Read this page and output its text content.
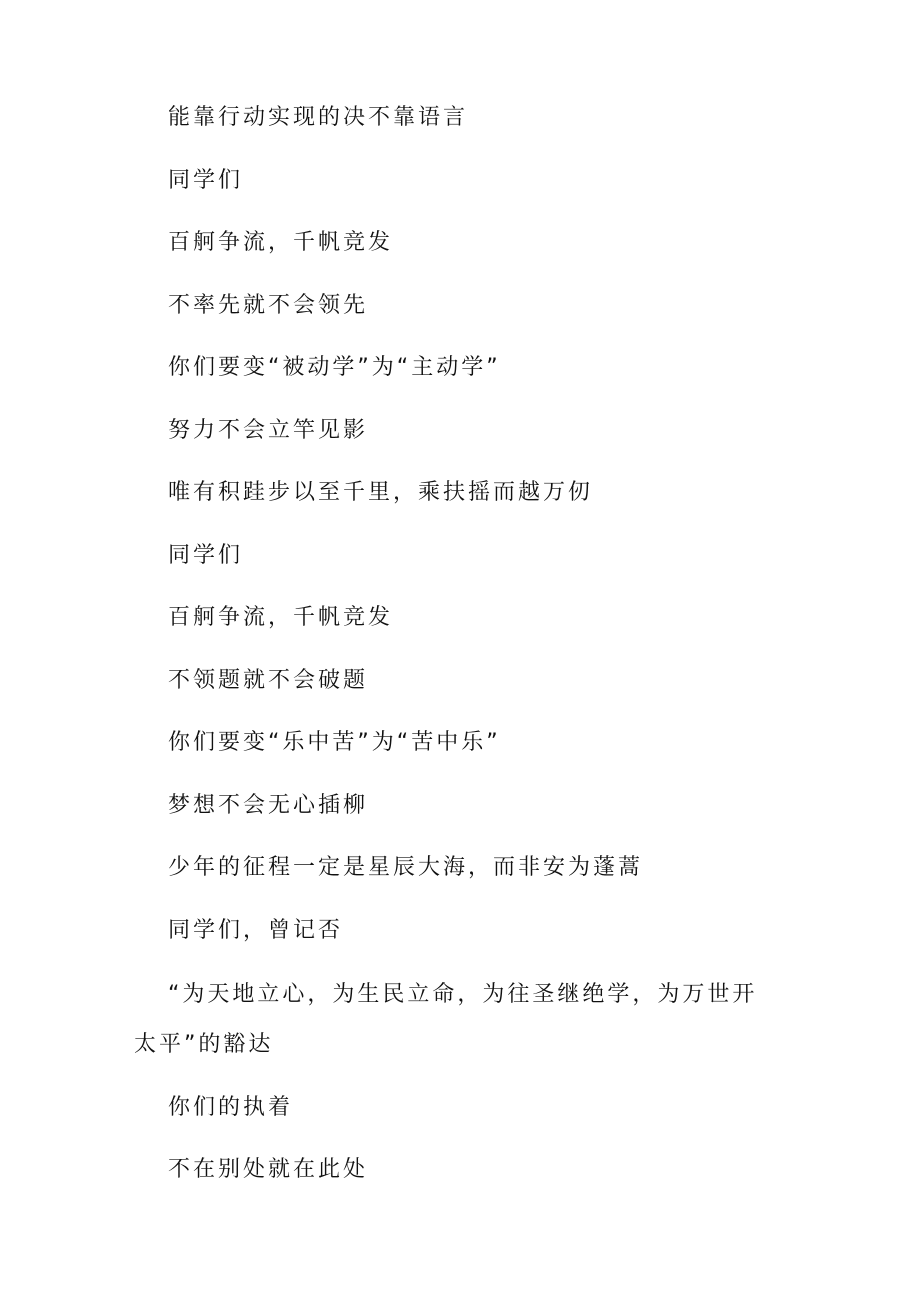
能靠行动实现的决不靠语言

同学们

百舸争流，千帆竞发

不率先就不会领先

你们要变“被动学”为“主动学”

努力不会立竿见影

唯有积跬步以至千里，乘扶摇而越万仞

同学们

百舸争流，千帆竞发

不领题就不会破题

你们要变“乐中苦”为“苦中乐”

梦想不会无心插柳

少年的征程一定是星辰大海，而非安为蓬蒿

同学们，曾记否

“为天地立心，为生民立命，为往圣继绝学，为万世开太平”的豁达

你们的执着

不在别处就在此处
